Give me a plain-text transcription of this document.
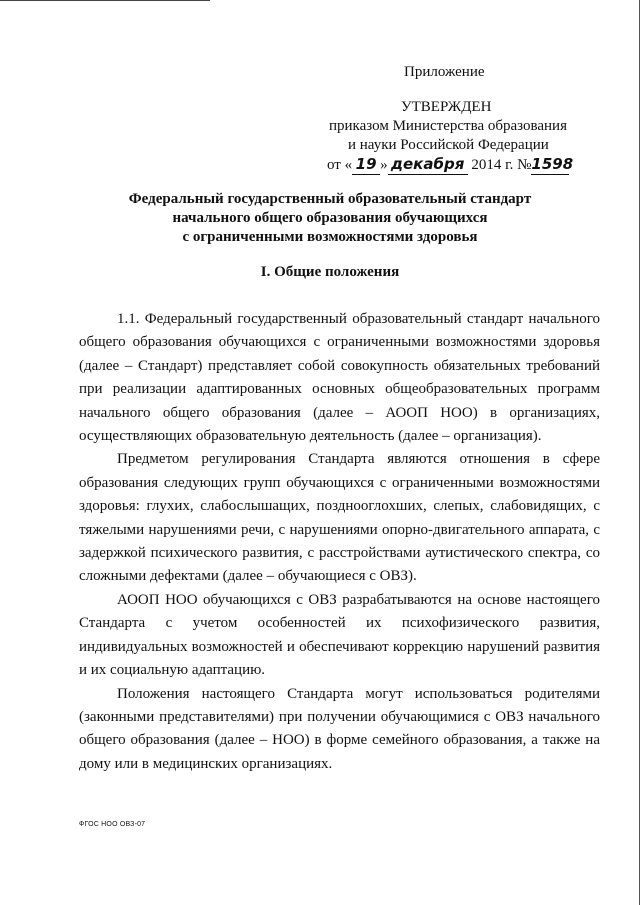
Приложение
УТВЕРЖДЕН
приказом Министерства образования
и науки Российской Федерации
от « 19 » декабря 2014 г. №1598
Федеральный государственный образовательный стандарт
начального общего образования обучающихся
с ограниченными возможностями здоровья
I. Общие положения

1.1. Федеральный государственный образовательный стандарт начального общего образования обучающихся с ограниченными возможностями здоровья (далее – Стандарт) представляет собой совокупность обязательных требований при реализации адаптированных основных общеобразовательных программ начального общего образования (далее – АООП НОО) в организациях, осуществляющих образовательную деятельность (далее – организация).

Предметом регулирования Стандарта являются отношения в сфере образования следующих групп обучающихся с ограниченными возможностями здоровья: глухих, слабослышащих, позднооглохших, слепых, слабовидящих, с тяжелыми нарушениями речи, с нарушениями опорно-двигательного аппарата, с задержкой психического развития, с расстройствами аутистического спектра, со сложными дефектами (далее – обучающиеся с ОВЗ).

АООП НОО обучающихся с ОВЗ разрабатываются на основе настоящего Стандарта с учетом особенностей их психофизического развития, индивидуальных возможностей и обеспечивают коррекцию нарушений развития и их социальную адаптацию.

Положения настоящего Стандарта могут использоваться родителями (законными представителями) при получении обучающимися с ОВЗ начального общего образования (далее – НОО) в форме семейного образования, а также на дому или в медицинских организациях.

ФГОС НОО ОВЗ-07
